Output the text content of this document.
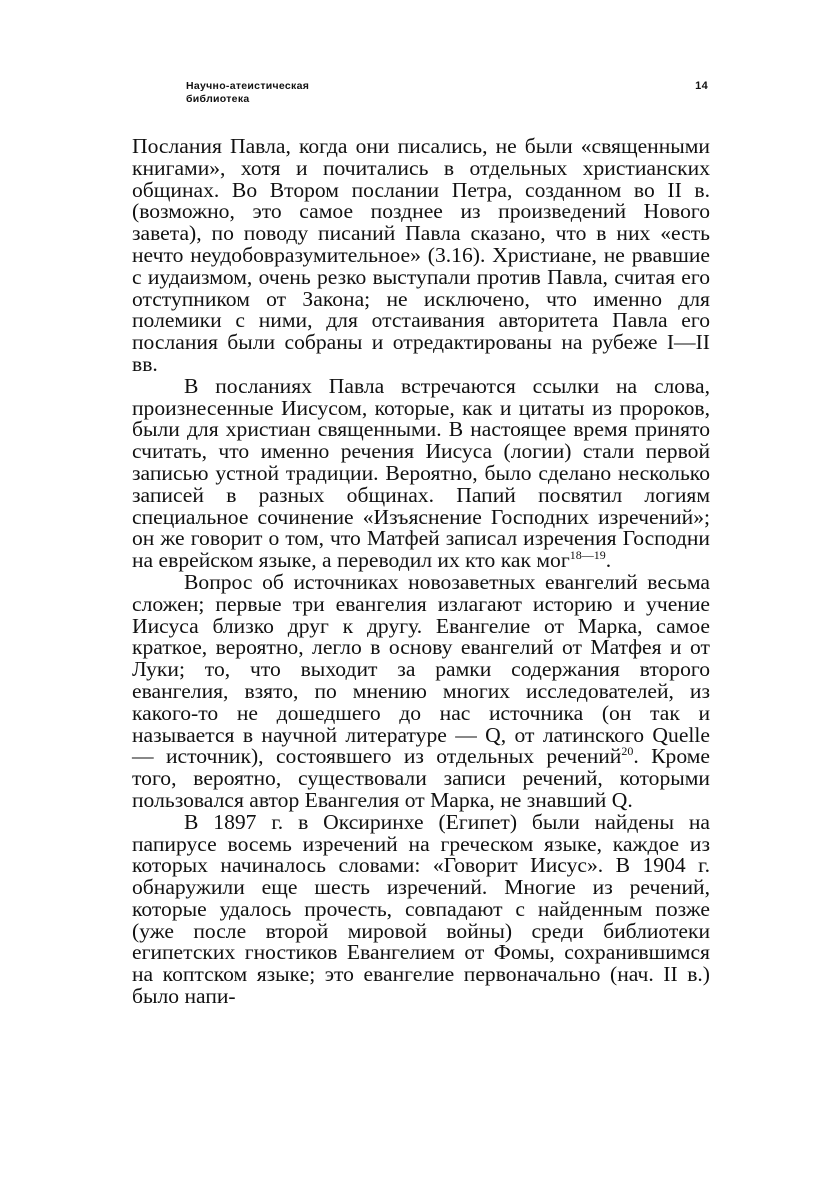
Научно-атеистическая
библиотека
14

Послания Павла, когда они писались, не были «священными книгами», хотя и почитались в отдельных христианских общинах. Во Втором послании Петра, созданном во II в. (возможно, это самое позднее из произведений Нового завета), по поводу писаний Павла сказано, что в них «есть нечто неудобовразумительное» (3.16). Христиане, не рвавшие с иудаизмом, очень резко выступали против Павла, считая его отступником от Закона; не исключено, что именно для полемики с ними, для отстаивания авторитета Павла его послания были собраны и отредактированы на рубеже I—II вв.

В посланиях Павла встречаются ссылки на слова, произнесенные Иисусом, которые, как и цитаты из пророков, были для христиан священными. В настоящее время принято считать, что именно речения Иисуса (логии) стали первой записью устной традиции. Вероятно, было сделано несколько записей в разных общинах. Папий посвятил логиям специальное сочинение «Изъяснение Господних изречений»; он же говорит о том, что Матфей записал изречения Господни на еврейском языке, а переводил их кто как мог$^{18—19}$.

Вопрос об источниках новозаветных евангелий весьма сложен; первые три евангелия излагают историю и учение Иисуса близко друг к другу. Евангелие от Марка, самое краткое, вероятно, легло в основу евангелий от Матфея и от Луки; то, что выходит за рамки содержания второго евангелия, взято, по мнению многих исследователей, из какого-то не дошедшего до нас источника (он так и называется в научной литературе — Q, от латинского Quelle — источник), состоявшего из отдельных речений$^{20}$. Кроме того, вероятно, существовали записи речений, которыми пользовался автор Евангелия от Марка, не знавший Q.

В 1897 г. в Оксиринхе (Египет) были найдены на папирусе восемь изречений на греческом языке, каждое из которых начиналось словами: «Говорит Иисус». В 1904 г. обнаружили еще шесть изречений. Многие из речений, которые удалось прочесть, совпадают с найденным позже (уже после второй мировой войны) среди библиотеки египетских гностиков Евангелием от Фомы, сохранившимся на коптском языке; это евангелие первоначально (нач. II в.) было напи-
